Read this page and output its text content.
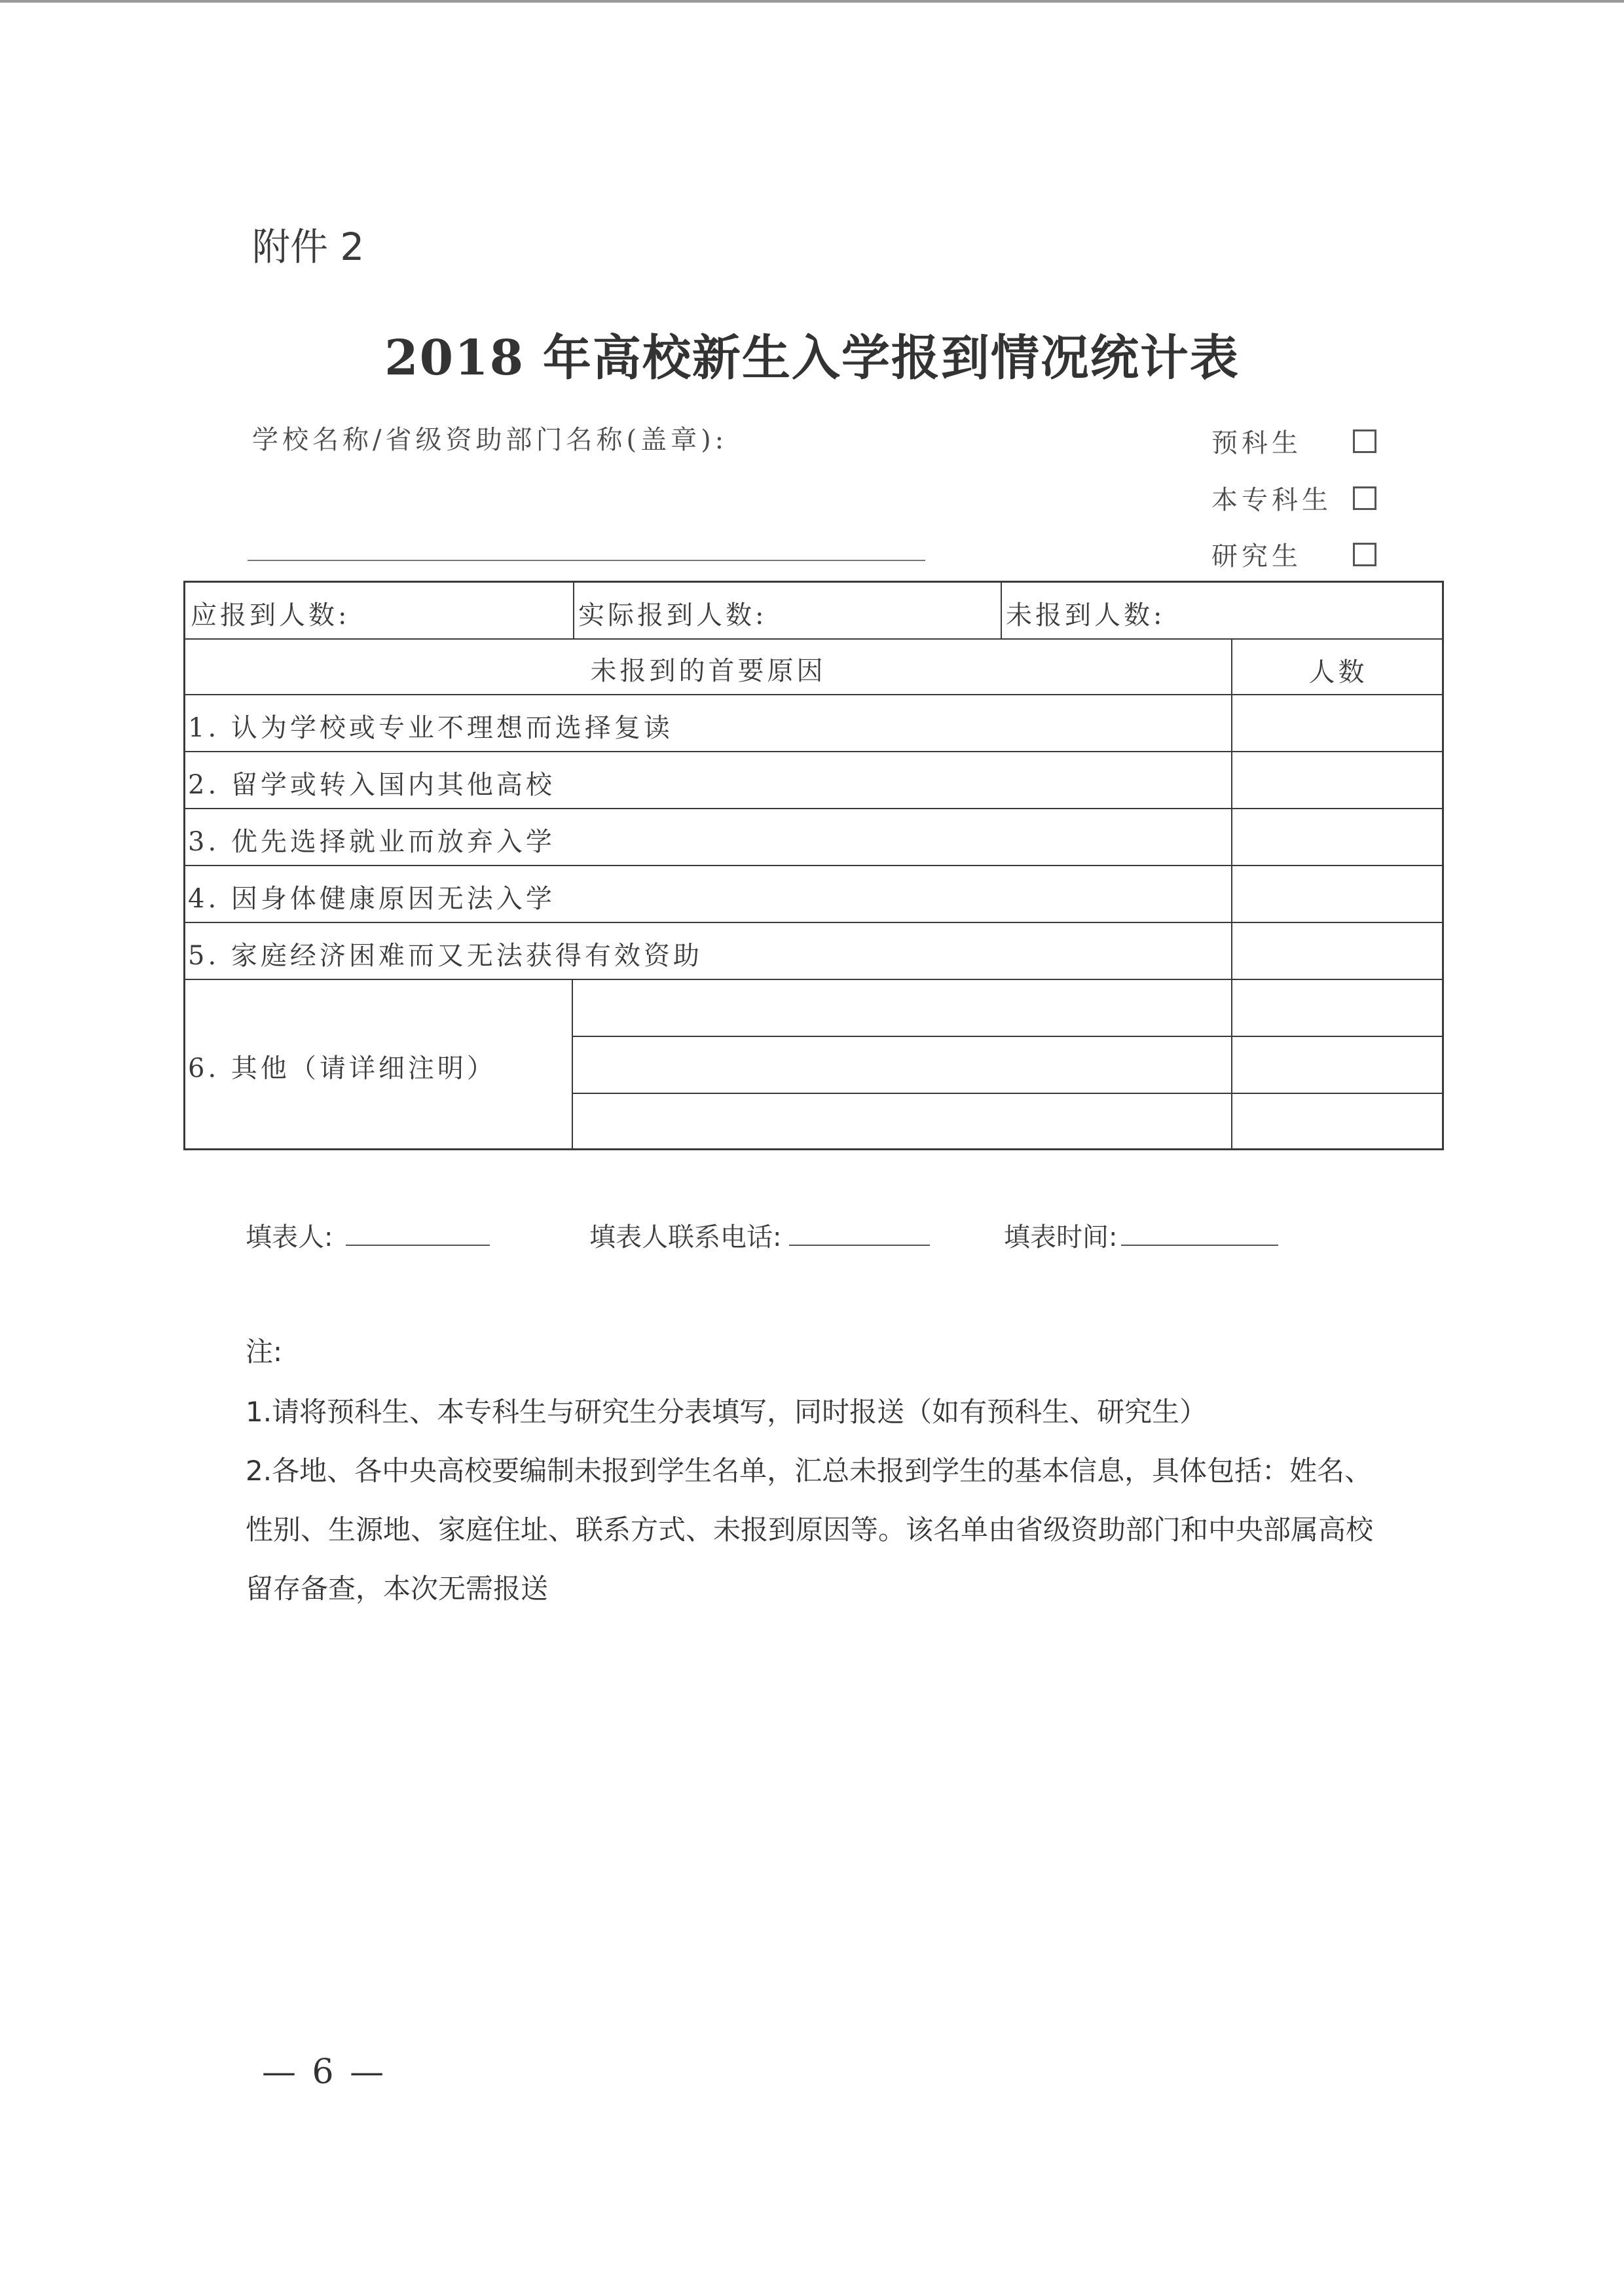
附件 2
2018 年高校新生入学报到情况统计表
学校名称/省级资助部门名称(盖章):	预科生
本专科生
研究生
应报到人数:	实际报到人数:	未报到人数:
未报到的首要原因	人数
1. 认为学校或专业不理想而选择复读
2. 留学或转入国内其他高校
3. 优先选择就业而放弃入学
4. 因身体健康原因无法入学
5. 家庭经济困难而又无法获得有效资助
6. 其他（请详细注明）
填表人:	填表人联系电话:	填表时间:

注:

1.请将预科生、本专科生与研究生分表填写，同时报送（如有预科生、研究生）

2.各地、各中央高校要编制未报到学生名单，汇总未报到学生的基本信息，具体包括：姓名、性别、生源地、家庭住址、联系方式、未报到原因等。该名单由省级资助部门和中央部属高校留存备查，本次无需报送

— 6 —
